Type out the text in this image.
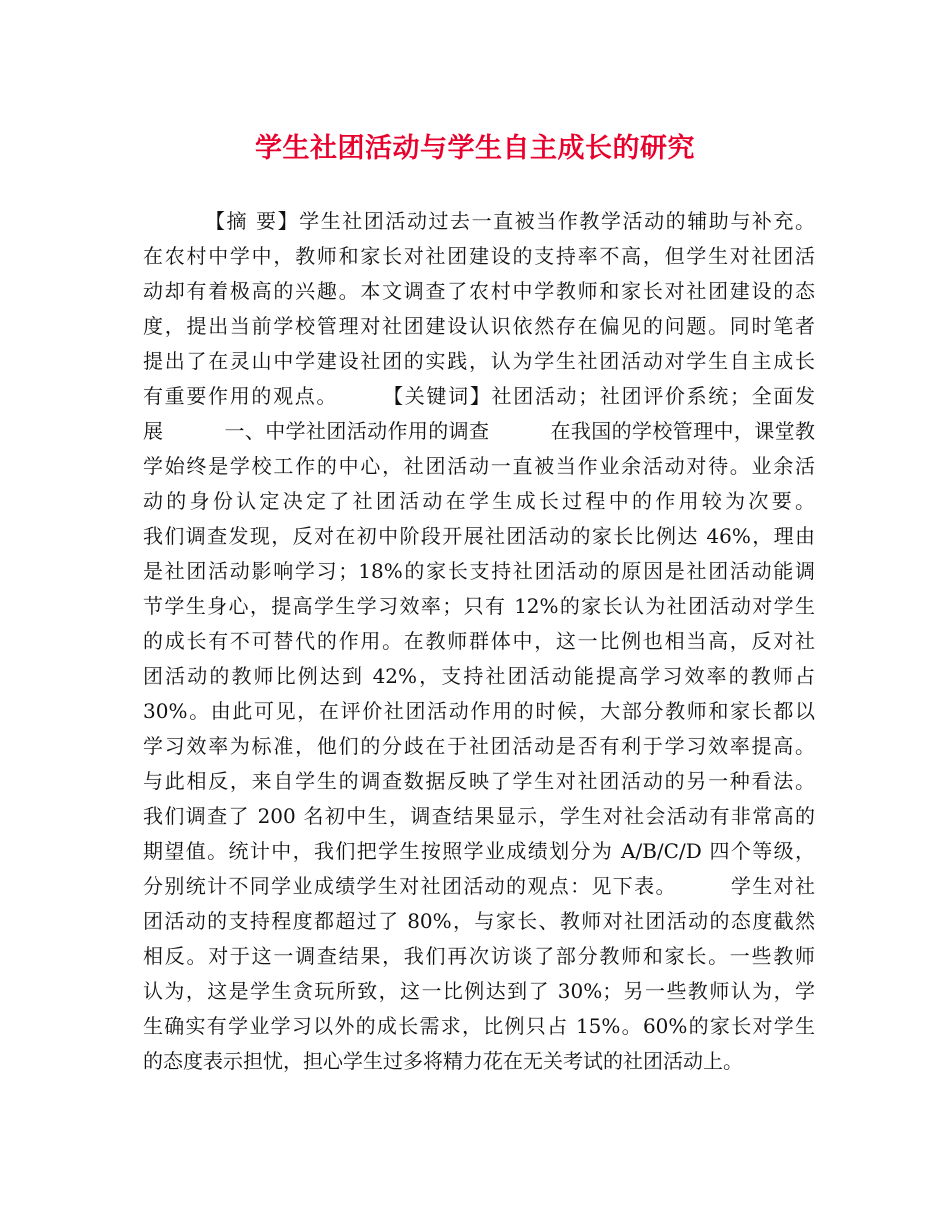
学生社团活动与学生自主成长的研究
【摘 要】学生社团活动过去一直被当作教学活动的辅助与补充。
在农村中学中，教师和家长对社团建设的支持率不高，但学生对社团活
动却有着极高的兴趣。本文调查了农村中学教师和家长对社团建设的态
度，提出当前学校管理对社团建设认识依然存在偏见的问题。同时笔者
提出了在灵山中学建设社团的实践，认为学生社团活动对学生自主成长
有重要作用的观点。　　　【关键词】社团活动；社团评价系统；全面发
展　　　一、中学社团活动作用的调查　　　在我国的学校管理中，课堂教
学始终是学校工作的中心，社团活动一直被当作业余活动对待。业余活
动的身份认定决定了社团活动在学生成长过程中的作用较为次要。
我们调查发现，反对在初中阶段开展社团活动的家长比例达 46%，理由
是社团活动影响学习；18%的家长支持社团活动的原因是社团活动能调
节学生身心，提高学生学习效率；只有 12%的家长认为社团活动对学生
的成长有不可替代的作用。在教师群体中，这一比例也相当高，反对社
团活动的教师比例达到 42%，支持社团活动能提高学习效率的教师占
30%。由此可见，在评价社团活动作用的时候，大部分教师和家长都以
学习效率为标准，他们的分歧在于社团活动是否有利于学习效率提高。
与此相反，来自学生的调查数据反映了学生对社团活动的另一种看法。
我们调查了 200 名初中生，调查结果显示，学生对社会活动有非常高的
期望值。统计中，我们把学生按照学业成绩划分为 A/B/C/D 四个等级，
分别统计不同学业成绩学生对社团活动的观点：见下表。　　　学生对社
团活动的支持程度都超过了 80%，与家长、教师对社团活动的态度截然
相反。对于这一调查结果，我们再次访谈了部分教师和家长。一些教师
认为，这是学生贪玩所致，这一比例达到了 30%；另一些教师认为，学
生确实有学业学习以外的成长需求，比例只占 15%。60%的家长对学生
的态度表示担忧，担心学生过多将精力花在无关考试的社团活动上。
